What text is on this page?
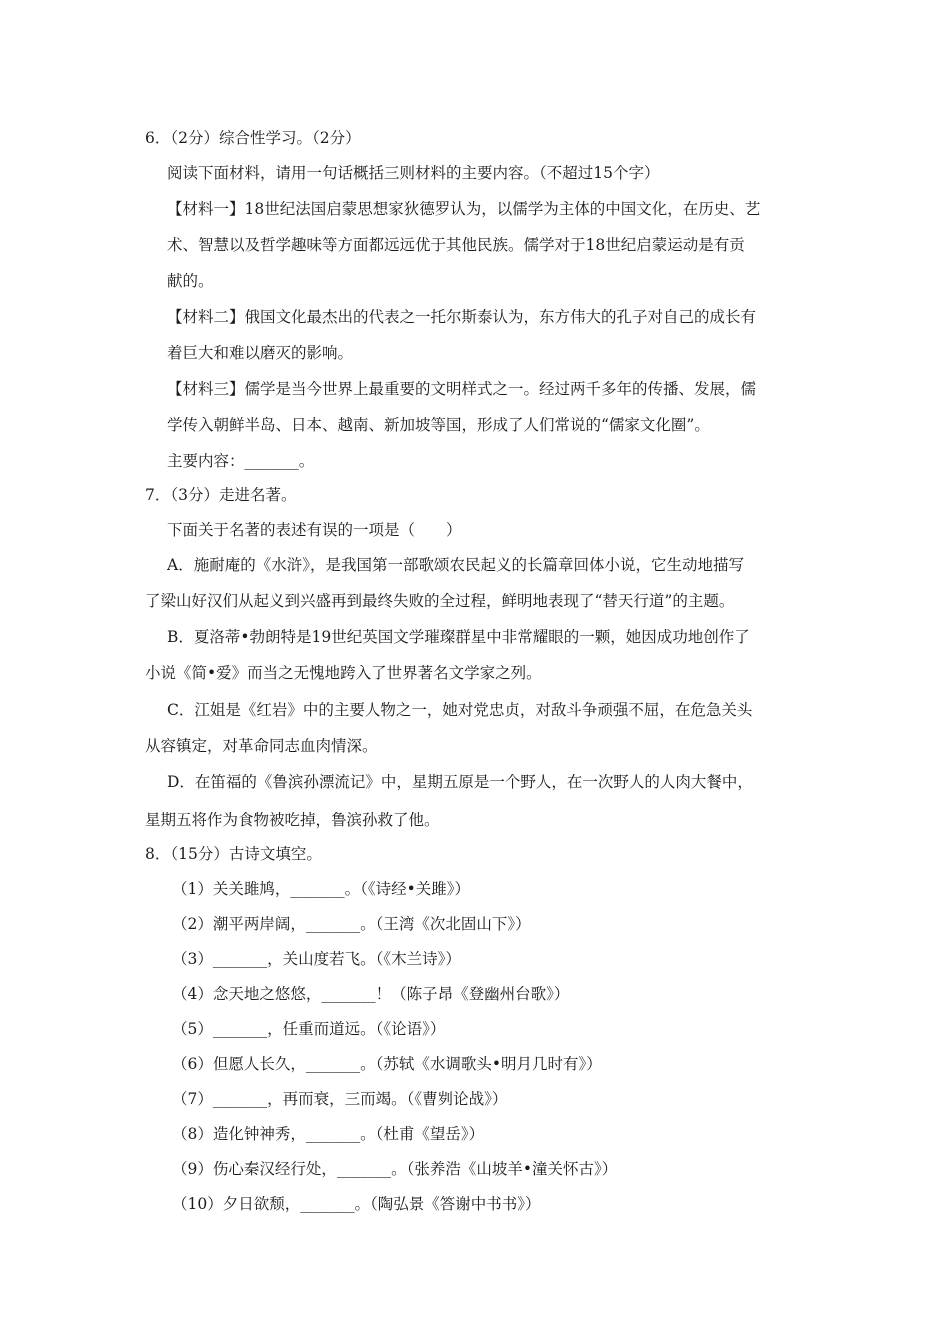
6．（2分）综合性学习。（2分）
阅读下面材料，请用一句话概括三则材料的主要内容。（不超过15个字）
【材料一】18世纪法国启蒙思想家狄德罗认为，以儒学为主体的中国文化，在历史、艺
术、智慧以及哲学趣味等方面都远远优于其他民族。儒学对于18世纪启蒙运动是有贡
献的。
【材料二】俄国文化最杰出的代表之一托尔斯泰认为，东方伟大的孔子对自己的成长有
着巨大和难以磨灭的影响。
【材料三】儒学是当今世界上最重要的文明样式之一。经过两千多年的传播、发展，儒
学传入朝鲜半岛、日本、越南、新加坡等国，形成了人们常说的“儒家文化圈”。
主要内容：_______。
7．（3分）走进名著。
下面关于名著的表述有误的一项是（　　）
A．施耐庵的《水浒》，是我国第一部歌颂农民起义的长篇章回体小说，它生动地描写
了梁山好汉们从起义到兴盛再到最终失败的全过程，鲜明地表现了“替天行道”的主题。
B．夏洛蒂•勃朗特是19世纪英国文学璀璨群星中非常耀眼的一颗，她因成功地创作了
小说《简•爱》而当之无愧地跨入了世界著名文学家之列。
C．江姐是《红岩》中的主要人物之一，她对党忠贞，对敌斗争顽强不屈，在危急关头
从容镇定，对革命同志血肉情深。
D．在笛福的《鲁滨孙漂流记》中，星期五原是一个野人，在一次野人的人肉大餐中，
星期五将作为食物被吃掉，鲁滨孙救了他。
8．（15分）古诗文填空。
（1）关关雎鸠，_______。（《诗经•关雎》）
（2）潮平两岸阔，_______。（王湾《次北固山下》）
（3）_______，关山度若飞。（《木兰诗》）
（4）念天地之悠悠，_______！（陈子昂《登幽州台歌》）
（5）_______，任重而道远。（《论语》）
（6）但愿人长久，_______。（苏轼《水调歌头•明月几时有》）
（7）_______，再而衰，三而竭。（《曹刿论战》）
（8）造化钟神秀，_______。（杜甫《望岳》）
（9）伤心秦汉经行处，_______。（张养浩《山坡羊•潼关怀古》）
（10）夕日欲颓，_______。（陶弘景《答谢中书书》）
